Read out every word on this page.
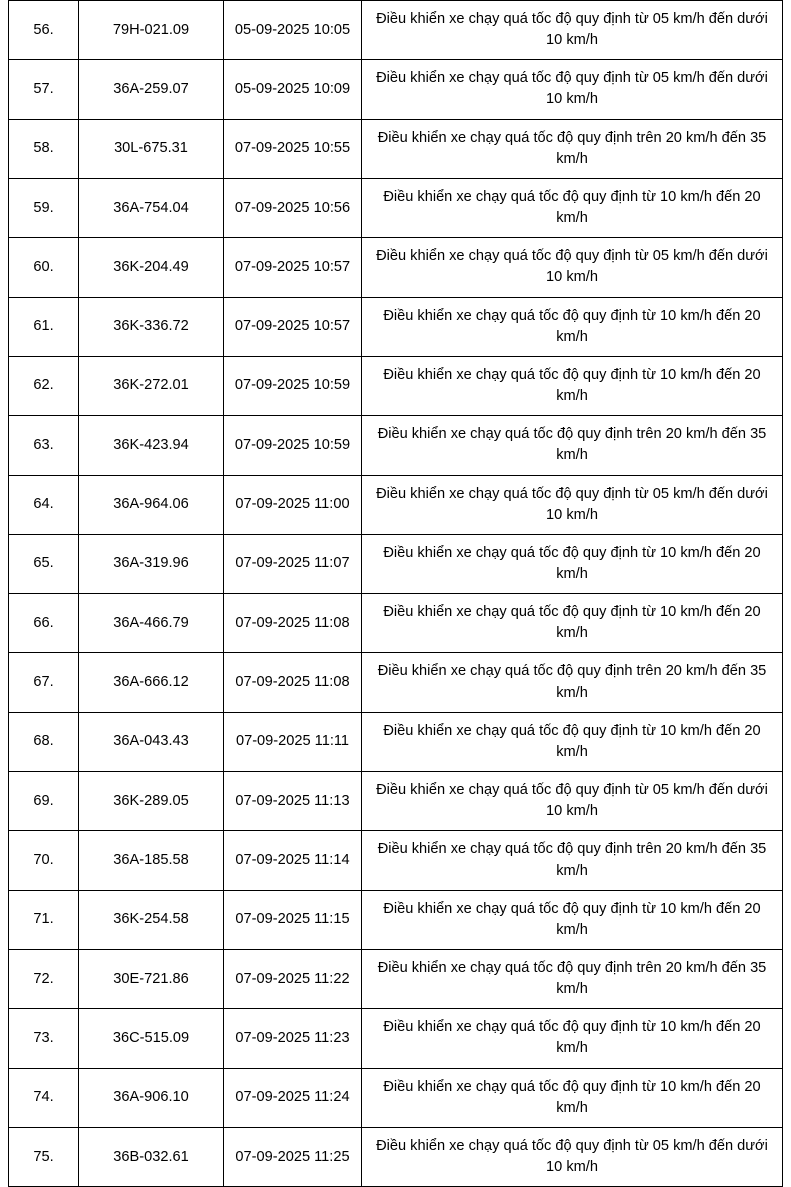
56.	79H-021.09	05-09-2025 10:05	Điều khiển xe chạy quá tốc độ quy định từ 05 km/h đến dưới 10 km/h
57.	36A-259.07	05-09-2025 10:09	Điều khiển xe chạy quá tốc độ quy định từ 05 km/h đến dưới 10 km/h
58.	30L-675.31	07-09-2025 10:55	Điều khiển xe chạy quá tốc độ quy định trên 20 km/h đến 35 km/h
59.	36A-754.04	07-09-2025 10:56	Điều khiển xe chạy quá tốc độ quy định từ 10 km/h đến 20 km/h
60.	36K-204.49	07-09-2025 10:57	Điều khiển xe chạy quá tốc độ quy định từ 05 km/h đến dưới 10 km/h
61.	36K-336.72	07-09-2025 10:57	Điều khiển xe chạy quá tốc độ quy định từ 10 km/h đến 20 km/h
62.	36K-272.01	07-09-2025 10:59	Điều khiển xe chạy quá tốc độ quy định từ 10 km/h đến 20 km/h
63.	36K-423.94	07-09-2025 10:59	Điều khiển xe chạy quá tốc độ quy định trên 20 km/h đến 35 km/h
64.	36A-964.06	07-09-2025 11:00	Điều khiển xe chạy quá tốc độ quy định từ 05 km/h đến dưới 10 km/h
65.	36A-319.96	07-09-2025 11:07	Điều khiển xe chạy quá tốc độ quy định từ 10 km/h đến 20 km/h
66.	36A-466.79	07-09-2025 11:08	Điều khiển xe chạy quá tốc độ quy định từ 10 km/h đến 20 km/h
67.	36A-666.12	07-09-2025 11:08	Điều khiển xe chạy quá tốc độ quy định trên 20 km/h đến 35 km/h
68.	36A-043.43	07-09-2025 11:11	Điều khiển xe chạy quá tốc độ quy định từ 10 km/h đến 20 km/h
69.	36K-289.05	07-09-2025 11:13	Điều khiển xe chạy quá tốc độ quy định từ 05 km/h đến dưới 10 km/h
70.	36A-185.58	07-09-2025 11:14	Điều khiển xe chạy quá tốc độ quy định trên 20 km/h đến 35 km/h
71.	36K-254.58	07-09-2025 11:15	Điều khiển xe chạy quá tốc độ quy định từ 10 km/h đến 20 km/h
72.	30E-721.86	07-09-2025 11:22	Điều khiển xe chạy quá tốc độ quy định trên 20 km/h đến 35 km/h
73.	36C-515.09	07-09-2025 11:23	Điều khiển xe chạy quá tốc độ quy định từ 10 km/h đến 20 km/h
74.	36A-906.10	07-09-2025 11:24	Điều khiển xe chạy quá tốc độ quy định từ 10 km/h đến 20 km/h
75.	36B-032.61	07-09-2025 11:25	Điều khiển xe chạy quá tốc độ quy định từ 05 km/h đến dưới 10 km/h
